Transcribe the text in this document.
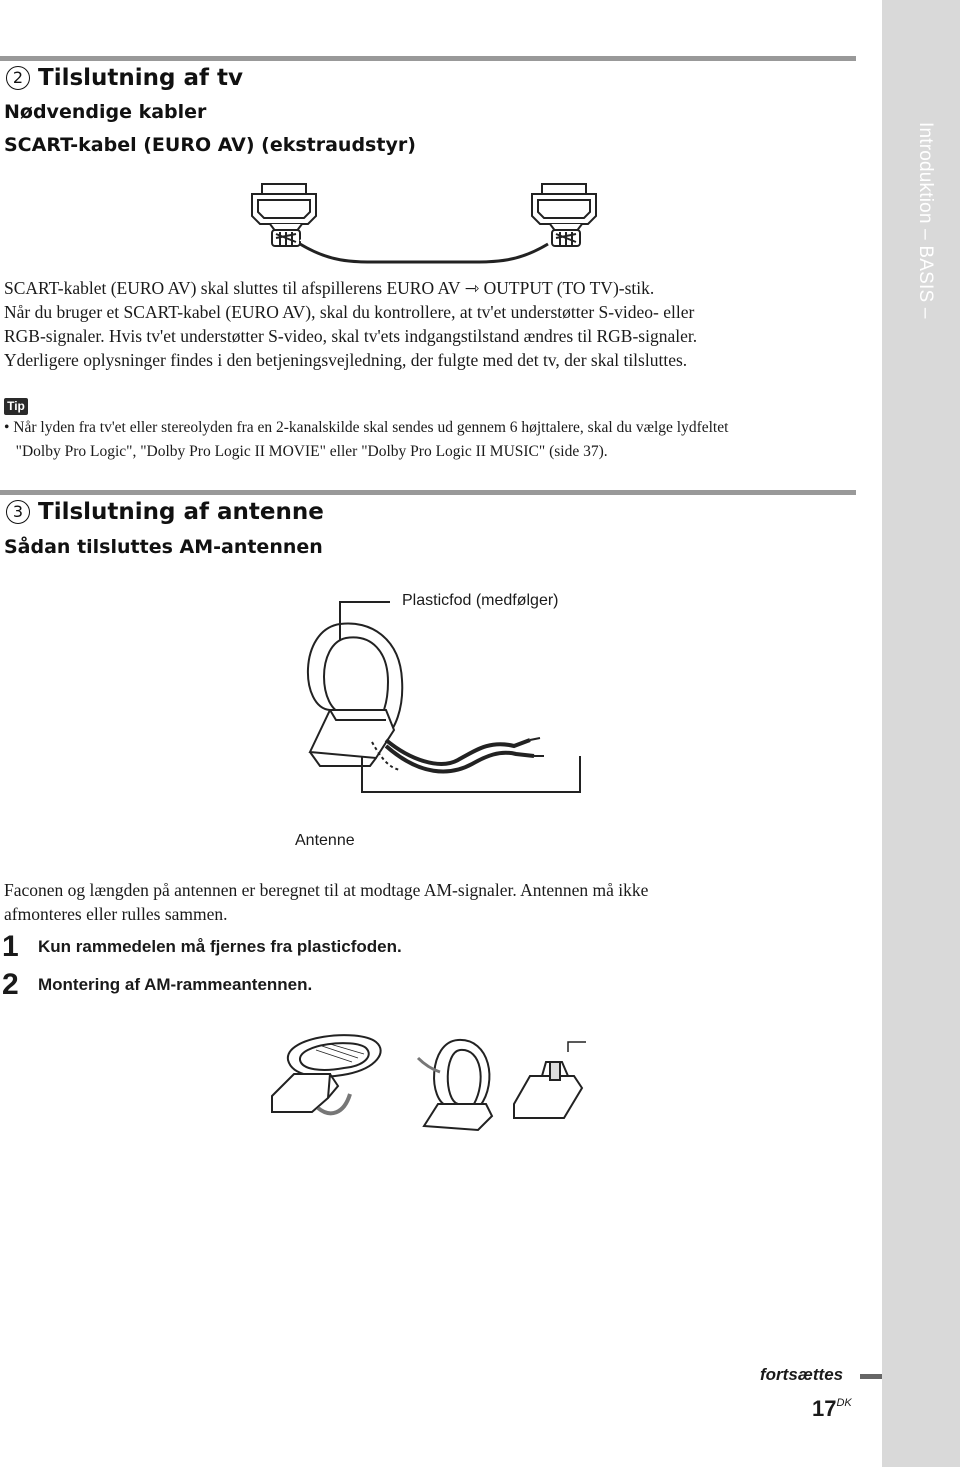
Introduktion – BASIS –
2 Tilslutning af tv
Nødvendige kabler
SCART-kabel (EURO AV) (ekstraudstyr)
SCART-kablet (EURO AV) skal sluttes til afspillerens EURO AV ⇾ OUTPUT (TO TV)-stik.
Når du bruger et SCART-kabel (EURO AV), skal du kontrollere, at tv'et understøtter S-video- eller
RGB-signaler. Hvis tv'et understøtter S-video, skal tv'ets indgangstilstand ændres til RGB-signaler.
Yderligere oplysninger findes i den betjeningsvejledning, der fulgte med det tv, der skal tilsluttes.
Tip
• Når lyden fra tv'et eller stereolyden fra en 2-kanalskilde skal sendes ud gennem 6 højttalere, skal du vælge lydfeltet
"Dolby Pro Logic", "Dolby Pro Logic II MOVIE" eller "Dolby Pro Logic II MUSIC" (side 37).
3 Tilslutning af antenne
Sådan tilsluttes AM-antennen
Plasticfod (medfølger)
Antenne
Faconen og længden på antennen er beregnet til at modtage AM-signaler. Antennen må ikke
afmonteres eller rulles sammen.
1 Kun rammedelen må fjernes fra plasticfoden.
2 Montering af AM-rammeantennen.
fortsættes
$17^{DK}$
